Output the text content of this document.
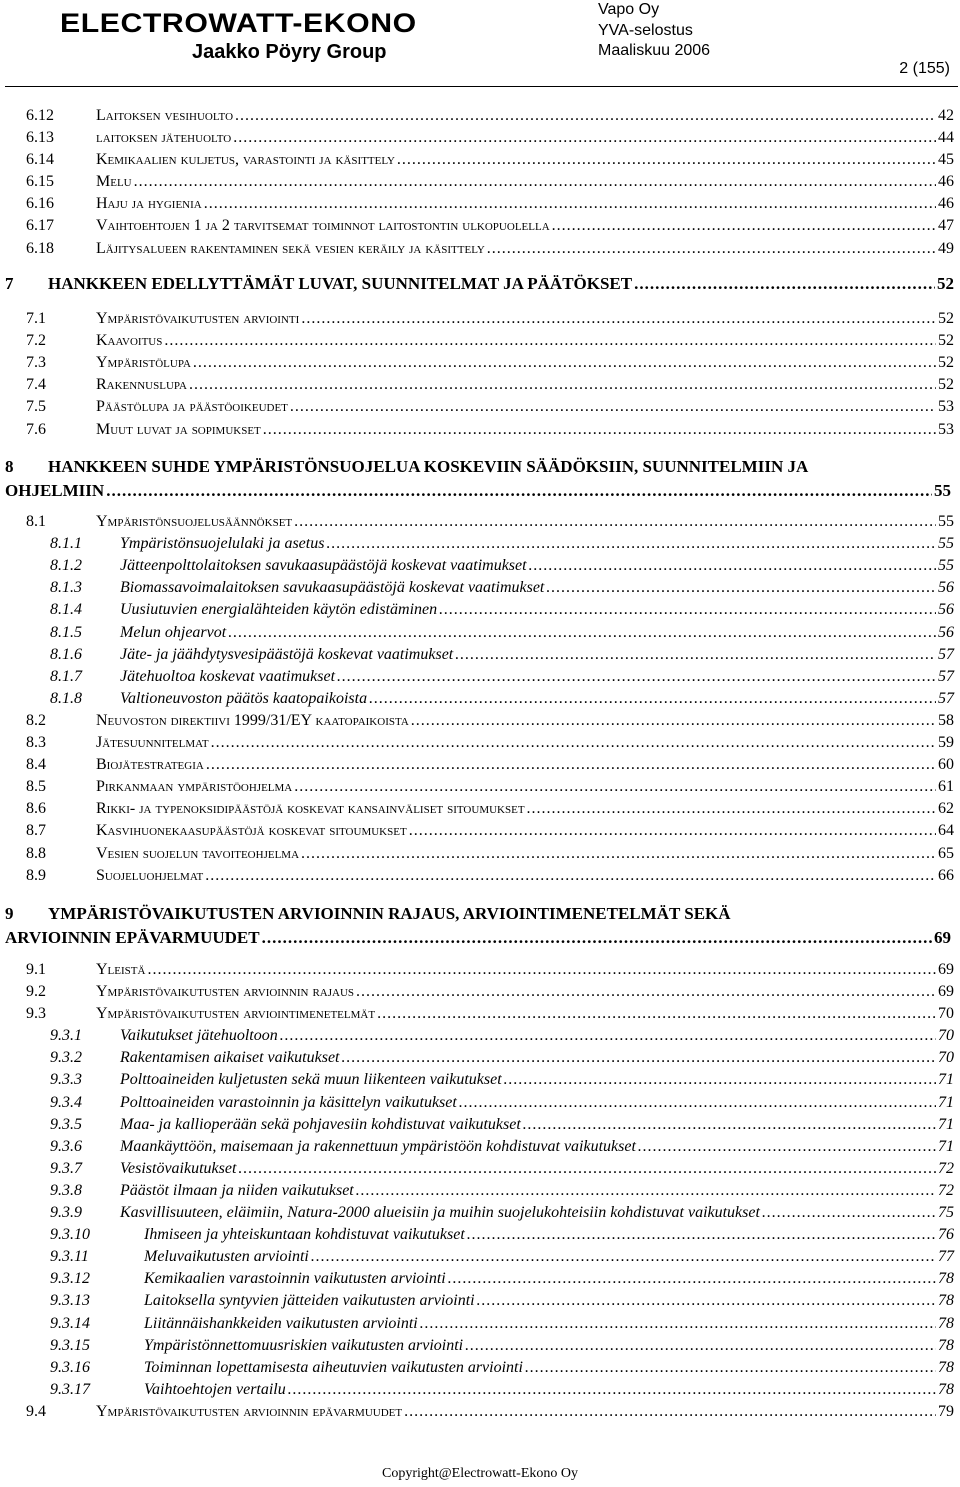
ELECTROWATT-EKONO
Jaakko Pöyry Group
Vapo Oy
YVA-selostus
Maaliskuu 2006
2 (155)
6.12	Laitoksen vesihuolto .....	42
6.13	laitoksen jätehuolto .....	44
6.14	Kemikaalien kuljetus, varastointi ja käsittely .....	45
6.15	Melu .....	46
6.16	Haju ja hygienia .....	46
6.17	Vaihtoehtojen 1 ja 2 tarvitsemat toiminnot laitostontin ulkopuolella .....	47
6.18	Läjitysalueen rakentaminen sekä vesien keräily ja käsittely .....	49
7 HANKKEEN EDELLYTTÄMÄT LUVAT, SUUNNITELMAT JA PÄÄTÖKSET .....	52
7.1	Ympäristövaikutusten arviointi .....	52
7.2	Kaavoitus .....	52
7.3	Ympäristölupa .....	52
7.4	Rakennuslupa .....	52
7.5	Päästölupa ja päästöoikeudet .....	53
7.6	Muut luvat ja sopimukset .....	53
8 HANKKEEN SUHDE YMPÄRISTÖNSUOJELUA KOSKEVIIN SÄÄDÖKSIIN, SUUNNITELMIIN JA
OHJELMIIN .....	55
8.1	Ympäristönsuojelusäännökset .....	55
8.1.1 Ympäristönsuojelulaki ja asetus .....	55
8.1.2 Jätteenpolttolaitoksen savukaasupäästöjä koskevat vaatimukset .....	55
8.1.3 Biomassavoimalaitoksen savukaasupäästöjä koskevat vaatimukset .....	56
8.1.4 Uusiutuvien energialähteiden käytön edistäminen .....	56
8.1.5 Melun ohjearvot .....	56
8.1.6 Jäte- ja jäähdytysvesipäästöjä koskevat vaatimukset .....	57
8.1.7 Jätehuoltoa koskevat vaatimukset .....	57
8.1.8 Valtioneuvoston päätös kaatopaikoista .....	57
8.2	Neuvoston direktiivi 1999/31/EY kaatopaikoista .....	58
8.3	Jätesuunnitelmat .....	59
8.4	Biojätestrategia .....	60
8.5	Pirkanmaan ympäristöohjelma .....	61
8.6	Rikki- ja typenoksidipäästöjä koskevat kansainväliset sitoumukset .....	62
8.7	Kasvihuonekaasupäästöjä koskevat sitoumukset .....	64
8.8	Vesien suojelun tavoiteohjelma .....	65
8.9	Suojeluohjelmat .....	66
9 YMPÄRISTÖVAIKUTUSTEN ARVIOINNIN RAJAUS, ARVIOINTIMENETELMÄT SEKÄ
ARVIOINNIN EPÄVARMUUDET .....	69
9.1	Yleistä .....	69
9.2	Ympäristövaikutusten arvioinnin rajaus .....	69
9.3	Ympäristövaikutusten arviointimenetelmät .....	70
9.3.1 Vaikutukset jätehuoltoon .....	70
9.3.2 Rakentamisen aikaiset vaikutukset .....	70
9.3.3 Polttoaineiden kuljetusten sekä muun liikenteen vaikutukset .....	71
9.3.4 Polttoaineiden varastoinnin ja käsittelyn vaikutukset .....	71
9.3.5 Maa- ja kallioperään sekä pohjavesiin kohdistuvat vaikutukset .....	71
9.3.6 Maankäyttöön, maisemaan ja rakennettuun ympäristöön kohdistuvat vaikutukset .....	71
9.3.7 Vesistövaikutukset .....	72
9.3.8 Päästöt ilmaan ja niiden vaikutukset .....	72
9.3.9 Kasvillisuuteen, eläimiin, Natura-2000 alueisiin ja muihin suojelukohteisiin kohdistuvat vaikutukset .....	75
9.3.10	Ihmiseen ja yhteiskuntaan kohdistuvat vaikutukset .....	76
9.3.11	Meluvaikutusten arviointi .....	77
9.3.12	Kemikaalien varastoinnin vaikutusten arviointi .....	78
9.3.13	Laitoksella syntyvien jätteiden vaikutusten arviointi .....	78
9.3.14	Liitännäishankkeiden vaikutusten arviointi .....	78
9.3.15	Ympäristönnettomuusriskien vaikutusten arviointi .....	78
9.3.16	Toiminnan lopettamisesta aiheutuvien vaikutusten arviointi .....	78
9.3.17	Vaihtoehtojen vertailu .....	78
9.4	Ympäristövaikutusten arvioinnin epävarmuudet .....	79
Copyright@Electrowatt-Ekono Oy
